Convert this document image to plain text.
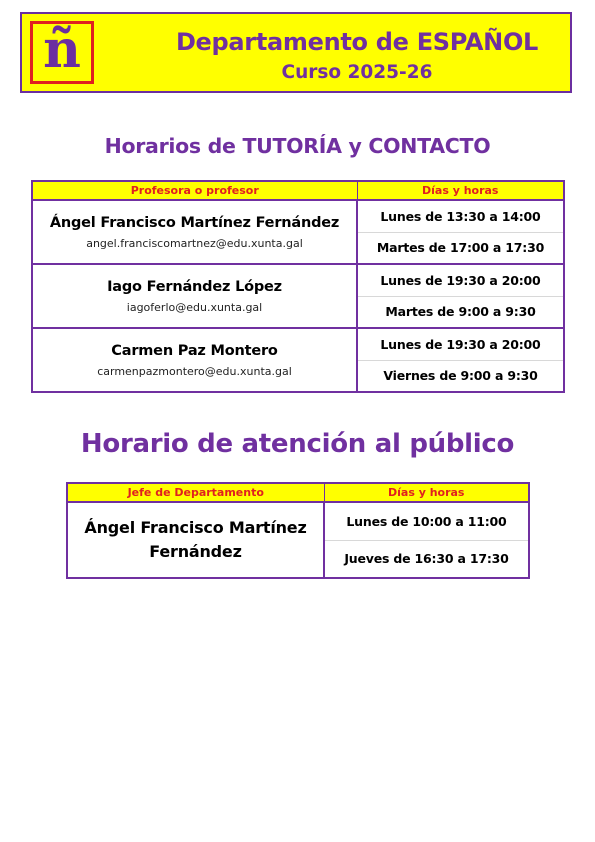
ñ	Departamento de ESPAÑOL
Curso 2025-26
Horarios de TUTORÍA y CONTACTO
Profesora o profesor	Días y horas

Ángel Francisco Martínez Fernández
angel.franciscomartnez@edu.xunta.gal	Lunes de 13:30 a 14:00
	Martes de 17:00 a 17:30

Iago Fernández López
iagoferlo@edu.xunta.gal	Lunes de 19:30 a 20:00
	Martes de 9:00 a 9:30

Carmen Paz Montero
carmenpazmontero@edu.xunta.gal	Lunes de 19:30 a 20:00
	Viernes de 9:00 a 9:30
Horario de atención al público
Jefe de Departamento	Días y horas

Ángel Francisco Martínez
Fernández	Lunes de 10:00 a 11:00
	Jueves de 16:30 a 17:30
